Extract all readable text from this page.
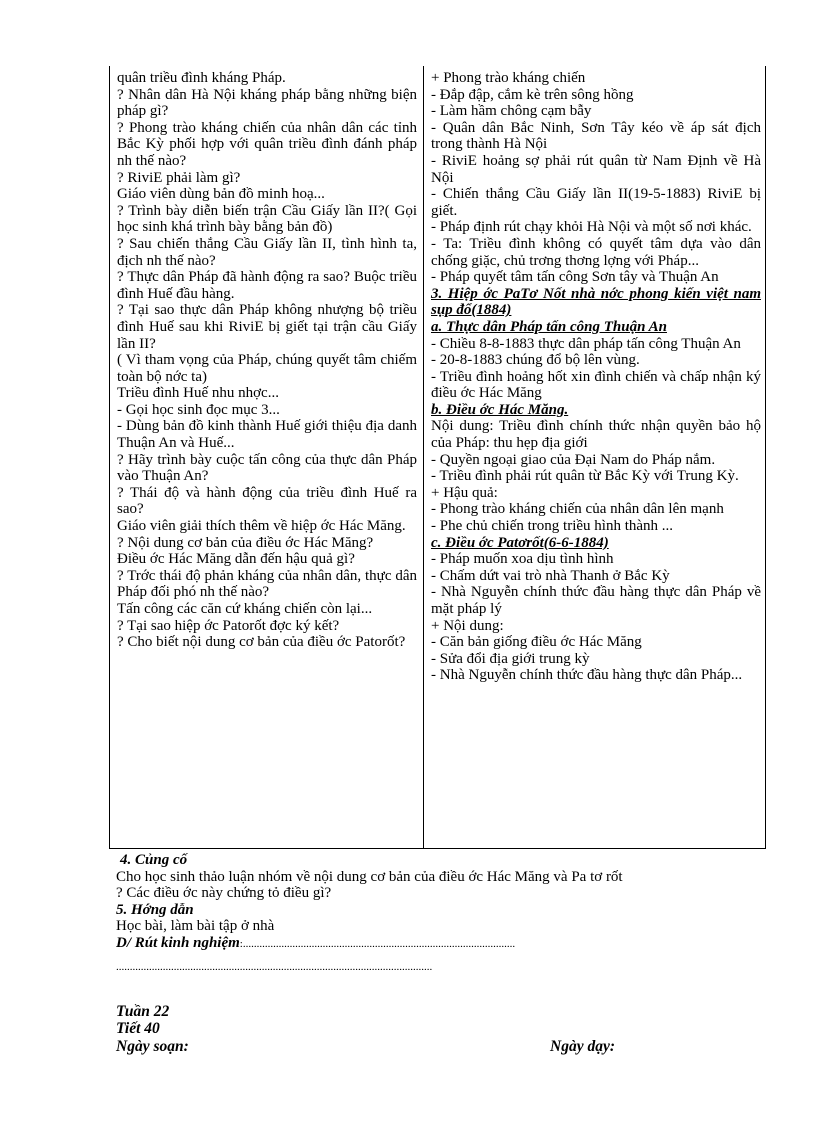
quân triều đình kháng Pháp.
? Nhân dân Hà Nội kháng pháp bằng những biện pháp gì?
? Phong trào kháng chiến của nhân dân các tỉnh Bắc Kỳ phối hợp với quân triều đình đánh pháp nh thế nào?
? RiviE phải làm gì?
Giáo viên dùng bản đồ minh hoạ...
? Trình bày diễn biến trận Cầu Giấy lần II?( Gọi học sinh khá trình bày bằng bản đồ)
? Sau chiến thắng Cầu Giấy lần II, tình hình ta, địch nh thế nào?
? Thực dân Pháp đã hành động ra sao? Buộc triều đình Huế đầu hàng.
? Tại sao thực dân Pháp không nhượng bộ triều đình Huế sau khi RiviE bị giết tại trận cầu Giấy lần II?
( Vì tham vọng của Pháp, chúng quyết tâm chiếm toàn bộ nớc ta)
Triều đình Huế nhu nhợc...
- Gọi học sinh đọc mục 3...
- Dùng bản đồ kinh thành Huế giới thiệu địa danh Thuận An và Huế...
? Hãy trình bày cuộc tấn công của thực dân Pháp vào Thuận An?
? Thái độ và hành động của triều đình Huế ra sao?
Giáo viên giải thích thêm về hiệp ớc Hác Măng.
? Nội dung cơ bản của điều ớc Hác Măng?
Điều ớc Hác Măng dẫn đến hậu quả gì?
? Trớc thái độ phản kháng của nhân dân, thực dân Pháp đối phó nh thế nào?
Tấn công các căn cứ kháng chiến còn lại...
? Tại sao hiệp ớc Patorốt đợc ký kết?
? Cho biết nội dung cơ bản của điều ớc Patorốt?
+ Phong trào kháng chiến
- Đắp đập, cắm kè trên sông hồng
- Làm hầm chông cạm bẫy
- Quân dân Bắc Ninh, Sơn Tây kéo về áp sát địch trong thành Hà Nội
- RiviE hoảng sợ phải rút quân từ Nam Định về Hà Nội
- Chiến thắng Cầu Giấy lần II(19-5-1883) RiviE bị giết.
- Pháp định rút chạy khỏi Hà Nội và một số nơi khác.
- Ta: Triều đình không có quyết tâm dựa vào dân chống giặc, chủ trơng thơng lợng với Pháp...
- Pháp quyết tâm tấn công Sơn tây và Thuận An
3. Hiệp ớc PaTơ Nốt nhà nớc phong kiến việt nam sụp đổ(1884)
a. Thực dân Pháp tấn công Thuận An
- Chiều 8-8-1883 thực dân pháp tấn công Thuận An
- 20-8-1883 chúng đổ bộ lên vùng.
- Triều đình hoảng hốt xin đình chiến và chấp nhận ký điều ớc Hác Măng
b. Điều ớc Hác Măng.
Nội dung: Triều đình chính thức nhận quyền bảo hộ của Pháp: thu hẹp địa giới
- Quyền ngoại giao của Đại Nam do Pháp nắm.
- Triều đình phải rút quân từ Bắc Kỳ với Trung Kỳ.
+ Hậu quả:
- Phong trào kháng chiến của nhân dân lên mạnh
- Phe chủ chiến trong triều hình thành ...
c. Điều ớc Patơrốt(6-6-1884)
- Pháp muốn xoa dịu tình hình
- Chấm dứt vai trò nhà Thanh ở Bắc Kỳ
- Nhà Nguyễn chính thức đầu hàng thực dân Pháp về mặt pháp lý
+ Nội dung:
- Căn bản giống điều ớc Hác Măng
- Sửa đổi địa giới trung kỳ
- Nhà Nguyễn chính thức đầu hàng thực dân Pháp...
4. Củng cố
Cho học sinh thảo luận nhóm về nội dung cơ bản của điều ớc Hác Măng và Pa tơ rốt
? Các điều ớc này chứng tỏ điều gì?
5. Hớng dẫn
Học bài, làm bài tập ở nhà
D/ Rút kinh nghiệm:...................................................................................................
...................................................................................................................
Tuần 22
Tiết 40
Ngày soạn:	Ngày dạy:
